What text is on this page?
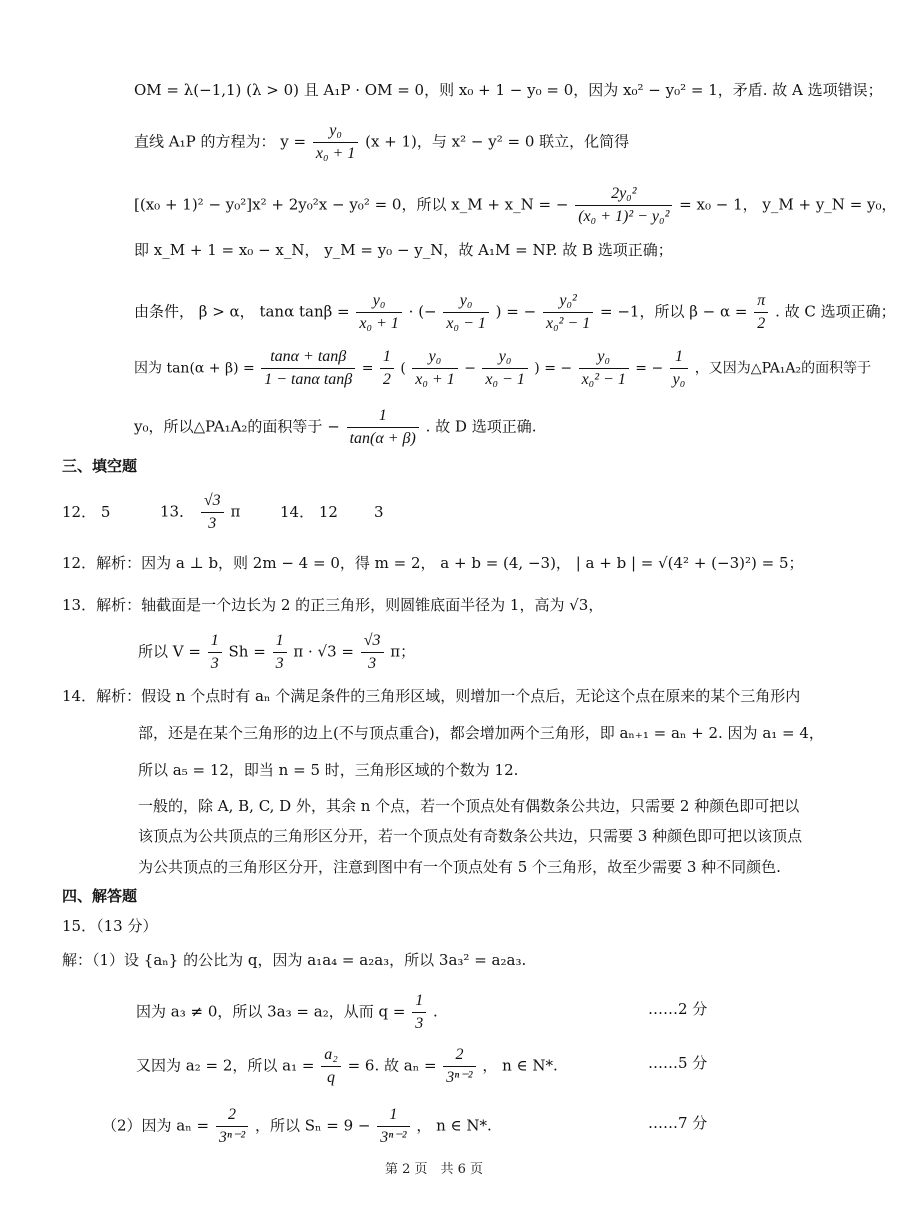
OM = λ(−1,1) (λ > 0) 且 A₁P · OM = 0，则 x₀ + 1 − y₀ = 0，因为 x₀² − y₀² = 1，矛盾. 故 A 选项错误；
直线 A₁P 的方程为： $y = \frac{\text{y₀}}{\text{x₀ + 1}} (x + 1)$，与 x² − y² = 0 联立，化简得
[(x₀ + 1)² − y₀²]x² + 2y₀²x − y₀² = 0，所以 x_M + x_N = − $\frac{\text{2y₀²}}{\text{(x₀ + 1)² − y₀²}} = x_0 - 1$， y_M + y_N = y₀，
即 x_M + 1 = x₀ − x_N， y_M = y₀ − y_N，故 A₁M = NP. 故 B 选项正确；
由条件， β > α， tanα $\tan\beta = \frac{\text{y₀}}{\text{x₀ + 1}}$ · (− $\frac{\text{y₀}}{\text{x₀ − 1}}$ ) = − $\frac{\text{y₀²}}{\text{x₀² − 1}} = -1$，所以 $\beta - \alpha = \frac{\pi}{2}$ . 故 C 选项正确；
因为 $\tan(\alpha + \beta) = \frac{\tan\alpha + \tan\beta}{\text{1 − tanα tanβ}} = \frac{1}{2}$ ( $\frac{\text{y₀}}{\text{x₀ + 1}} - \frac{\text{y₀}}{\text{x₀ − 1}}$ ) = − $\frac{\text{y₀}}{\text{x₀² − 1}}$ = − $\frac{1}{\text{y₀}}$ ，又因为△PA₁A₂的面积等于
y₀，所以△PA₁A₂的面积等于 − $\frac{1}{\tan(\alpha + \beta)}$ . 故 D 选项正确.
三、填空题
12． 5	13． $\frac{√3}{3}$ π	14． 12 3
12．解析：因为 a ⊥ b，则 2m − 4 = 0，得 m = 2， a + b = (4, −3)， | a + b | = √(4² + (−3)²) = 5；
13．解析：轴截面是一个边长为 2 的正三角形，则圆锥底面半径为 1，高为 √3，
所以 $V = \frac{1}{3}$ $Sh = \frac{1}{3}$ $\pi \cdot √3 = \frac{√3}{3}$ π；
14．解析：假设 n 个点时有 aₙ 个满足条件的三角形区域，则增加一个点后，无论这个点在原来的某个三角形内
部，还是在某个三角形的边上(不与顶点重合)，都会增加两个三角形，即 aₙ₊₁ = aₙ + 2. 因为 a₁ = 4，
所以 a₅ = 12，即当 n = 5 时，三角形区域的个数为 12.
一般的，除 A, B, C, D 外，其余 n 个点，若一个顶点处有偶数条公共边，只需要 2 种颜色即可把以
该顶点为公共顶点的三角形区分开，若一个顶点处有奇数条公共边，只需要 3 种颜色即可把以该顶点
为公共顶点的三角形区分开，注意到图中有一个顶点处有 5 个三角形，故至少需要 3 种不同颜色.
四、解答题
15．（13 分）
解：（1）设 {aₙ} 的公比为 q，因为 a₁a₄ = a₂a₃，所以 3a₃² = a₂a₃.
因为 a₃ ≠ 0，所以 3a₃ = a₂，从而 $q = \frac{1}{3}$ .	……2 分
又因为 a₂ = 2，所以 $a_1 = \frac{\text{a₂}}{q} = 6$. 故 $a_n = \frac{2}{\text{3ⁿ⁻²}}$ ， n ∈ N*.	……5 分
（2）因为 $a_n = \frac{2}{\text{3ⁿ⁻²}}$ ，所以 $S_n = 9 - \frac{1}{\text{3ⁿ⁻²}}$ ， n ∈ N*.	……7 分
第 2 页　共 6 页
